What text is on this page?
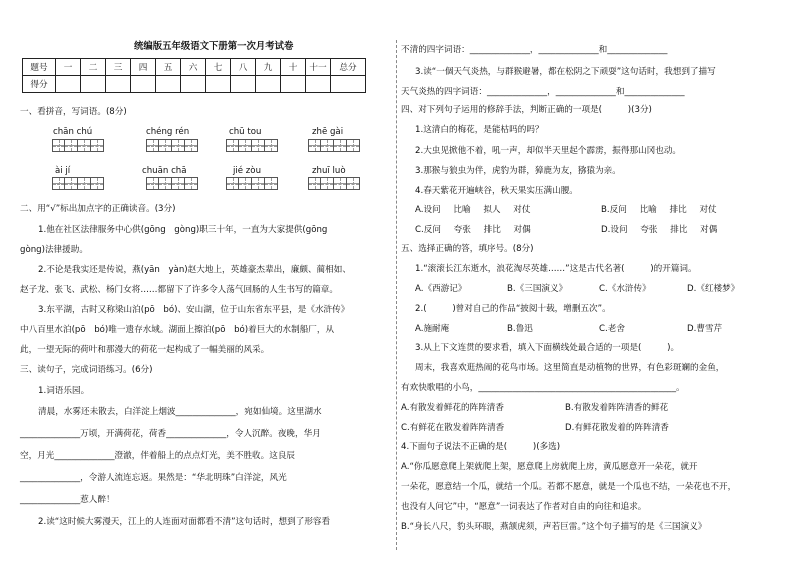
统编版五年级语文下册第一次月考试卷
题号	一	二	三	四	五	六	七	八	九	十	十一	总分
得分												
一、看拼音，写词语。(8分)
chān chú	chéng rén	chū tou	zhē gài
ài jí	chuān chā	jié zòu	zhuī luò
二、用“√”标出加点字的正确读音。(3分)
1.他在社区法律服务中心供(gōng　gòng)职三十年，一直为大家提供(gōng
gòng)法律援助。
2.不论是我实还是传说，燕(yān　yàn)赵大地上，英雄豪杰辈出，廉颇、蔺相如、
赵子龙、张飞、武松、杨门女将……都留下了许多令人荡气回肠的人生书写的篇章。
3.东平湖，古时又称梁山泊(pō　bó)、安山湖，位于山东省东平县，是《水浒传》
中八百里水泊(pō　bó)唯一遗存水域。湖面上擦泊(pō　bó)着巨大的水制船厂，从
此，一望无际的荷叶和那漫大的荷花一起构成了一幅美丽的风采。
三、读句子，完成词语练习。(6分)
1.词语乐园。
清晨，水雾还未散去，白洋淀上烟波______________，宛如仙境。这里湖水
______________万顷，开满荷花，荷香______________，令人沉醉。夜晚，华月
空，月光______________澄澈，伴着船上的点点灯光，美不胜收。这良辰
______________，令游人流连忘返。果然是：“华北明珠”白洋淀，风光
______________惹人醉！
2.读“这时候大雾漫天，江上的人连面对面都看不清”这句话时，想到了形容看
不清的四字词语：______________，______________和______________
3.读“一個天气炎热，与群猴避暑，都在松阴之下顽耍”这句话时，我想到了描写
天气炎热的四字词语：______________，______________和______________
四、对下列句子运用的修辞手法，判断正确的一项是(　　　)(3分)
1.这清白的梅花，是能枯吗的吗？
2.大虫见掀他不着，吼一声，却似半天里起个霹雳，振得那山冈也动。
3.那猴与狼虫为伴，虎豹为群，獐鹿为友，猕猿为亲。
4.春天紫花开遍峡谷，秋天果实压满山腰。
A.设问 比喻 拟人 对仗	B.反问 比喻 排比 对仗
C.反问 夸张 排比 对偶	D.设问 夸张 排比 对偶
五、选择正确的答，填序号。(8分)
1.“滚滚长江东逝水，浪花淘尽英雄……”这是古代名著(　　　)的开篇词。
A.《西游记》	B.《三国演义》	C.《水浒传》	D.《红楼梦》
2.(　　　)曾对自己的作品“披阅十载，增删五次”。
A.施耐庵	B.鲁迅	C.老舍	D.曹雪芹
3.从上下文连贯的要求看，填入下面横线处最合适的一项是(　　　)。
周末，我喜欢逛热闹的花鸟市场。这里简直是动植物的世界，有色彩斑斓的金鱼，
有欢快歌唱的小鸟，______________________________________________。
A.有散发着鲜花的阵阵清香	B.有散发着阵阵清香的鲜花
C.有鲜花在散发着阵阵清香	D.有鲜花散发着的阵阵清香
4.下面句子说法不正确的是(　　　)(多选)
A.“你瓜愿意爬上架就爬上架，愿意爬上房就爬上房，黄瓜愿意开一朵花，就开
一朵花，愿意结一个瓜，就结一个瓜。若都不愿意，就是一个瓜也不结，一朵花也不开，
也没有人问它”中，“愿意”一词表达了作者对自由的向往和追求。
B.“身长八尺，豹头环眼，燕颔虎须，声若巨雷。”这个句子描写的是《三国演义》
